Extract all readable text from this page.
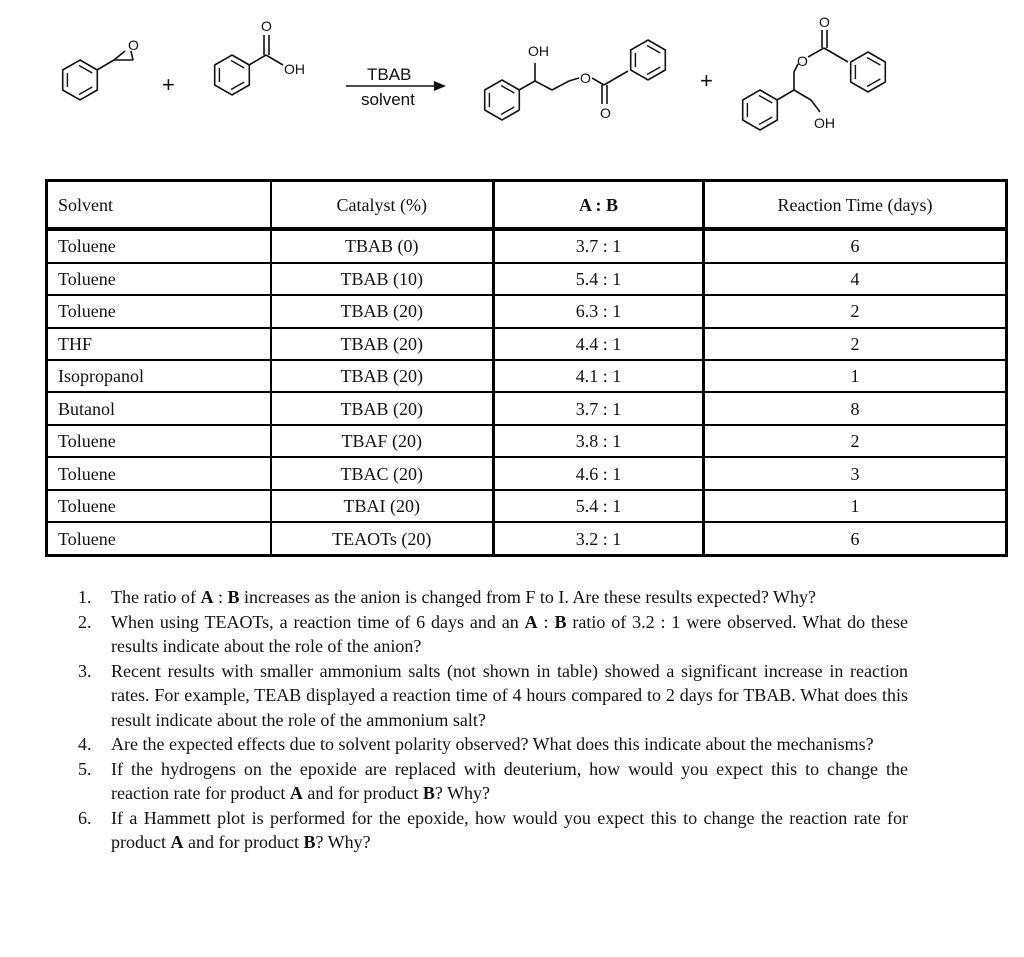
O
+
O
OH	TBAB
solvent
OH
O
O
+
O
O
OH
Solvent	Catalyst (%)	A : B	Reaction Time (days)
Toluene	TBAB (0)	3.7 : 1	6
Toluene	TBAB (10)	5.4 : 1	4
Toluene	TBAB (20)	6.3 : 1	2
THF	TBAB (20)	4.4 : 1	2
Isopropanol	TBAB (20)	4.1 : 1	1
Butanol	TBAB (20)	3.7 : 1	8
Toluene	TBAF (20)	3.8 : 1	2
Toluene	TBAC (20)	4.6 : 1	3
Toluene	TBAI (20)	5.4 : 1	1
Toluene	TEAOTs (20)	3.2 : 1	6
1.	The ratio of A : B increases as the anion is changed from F to I. Are these results expected? Why?
2.	When using TEAOTs, a reaction time of 6 days and an A : B ratio of 3.2 : 1 were observed. What do these results indicate about the role of the anion?
3.	Recent results with smaller ammonium salts (not shown in table) showed a significant increase in reaction rates. For example, TEAB displayed a reaction time of 4 hours compared to 2 days for TBAB. What does this result indicate about the role of the ammonium salt?
4.	Are the expected effects due to solvent polarity observed? What does this indicate about the mechanisms?
5.	If the hydrogens on the epoxide are replaced with deuterium, how would you expect this to change the reaction rate for product A and for product B? Why?
6.	If a Hammett plot is performed for the epoxide, how would you expect this to change the reaction rate for product A and for product B? Why?
